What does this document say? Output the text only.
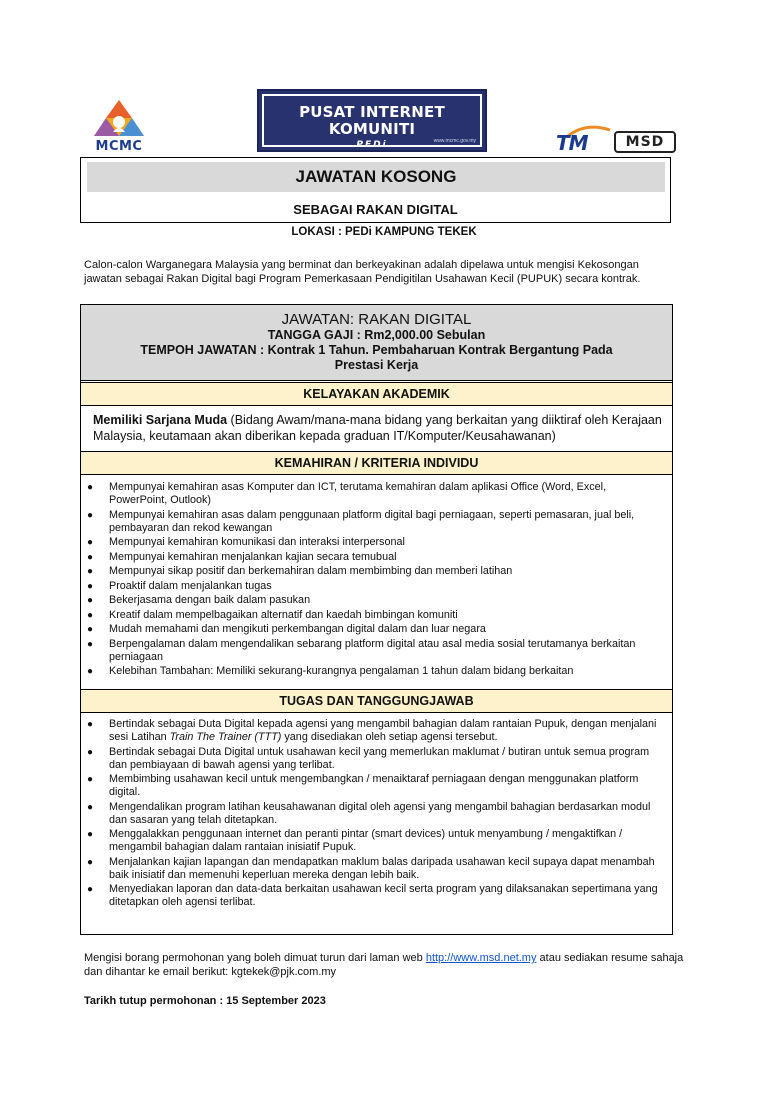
MCMC
PUSAT INTERNET KOMUNITI
PEDi	www.mcmc.gov.my	TM	MSD
JAWATAN KOSONG
SEBAGAI RAKAN DIGITAL
LOKASI : PEDi KAMPUNG TEKEK
Calon-calon Warganegara Malaysia yang berminat dan berkeyakinan adalah dipelawa untuk mengisi Kekosongan jawatan sebagai Rakan Digital bagi Program Pemerkasaan Pendigitilan Usahawan Kecil (PUPUK) secara kontrak.
JAWATAN: RAKAN DIGITAL
TANGGA GAJI : Rm2,000.00 Sebulan
TEMPOH JAWATAN : Kontrak 1 Tahun. Pembaharuan Kontrak Bergantung Pada Prestasi Kerja
KELAYAKAN AKADEMIK
Memiliki Sarjana Muda (Bidang Awam/mana-mana bidang yang berkaitan yang diiktiraf oleh Kerajaan Malaysia, keutamaan akan diberikan kepada graduan IT/Komputer/Keusahawanan)
KEMAHIRAN / KRITERIA INDIVIDU
● Mempunyai kemahiran asas Komputer dan ICT, terutama kemahiran dalam aplikasi Office (Word, Excel, PowerPoint, Outlook)
● Mempunyai kemahiran asas dalam penggunaan platform digital bagi perniagaan, seperti pemasaran, jual beli, pembayaran dan rekod kewangan
● Mempunyai kemahiran komunikasi dan interaksi interpersonal
● Mempunyai kemahiran menjalankan kajian secara temubual
● Mempunyai sikap positif dan berkemahiran dalam membimbing dan memberi latihan
● Proaktif dalam menjalankan tugas
● Bekerjasama dengan baik dalam pasukan
● Kreatif dalam mempelbagaikan alternatif dan kaedah bimbingan komuniti
● Mudah memahami dan mengikuti perkembangan digital dalam dan luar negara
● Berpengalaman dalam mengendalikan sebarang platform digital atau asal media sosial terutamanya berkaitan perniagaan
● Kelebihan Tambahan: Memiliki sekurang-kurangnya pengalaman 1 tahun dalam bidang berkaitan
TUGAS DAN TANGGUNGJAWAB
● Bertindak sebagai Duta Digital kepada agensi yang mengambil bahagian dalam rantaian Pupuk, dengan menjalani sesi Latihan Train The Trainer (TTT) yang disediakan oleh setiap agensi tersebut.
● Bertindak sebagai Duta Digital untuk usahawan kecil yang memerlukan maklumat / butiran untuk semua program dan pembiayaan di bawah agensi yang terlibat.
● Membimbing usahawan kecil untuk mengembangkan / menaiktaraf perniagaan dengan menggunakan platform digital.
● Mengendalikan program latihan keusahawanan digital oleh agensi yang mengambil bahagian berdasarkan modul dan sasaran yang telah ditetapkan.
● Menggalakkan penggunaan internet dan peranti pintar (smart devices) untuk menyambung / mengaktifkan / mengambil bahagian dalam rantaian inisiatif Pupuk.
● Menjalankan kajian lapangan dan mendapatkan maklum balas daripada usahawan kecil supaya dapat menambah baik inisiatif dan memenuhi keperluan mereka dengan lebih baik.
● Menyediakan laporan dan data-data berkaitan usahawan kecil serta program yang dilaksanakan sepertimana yang ditetapkan oleh agensi terlibat.
Mengisi borang permohonan yang boleh dimuat turun dari laman web http://www.msd.net.my atau sediakan resume sahaja dan dihantar ke email berikut: kgtekek@pjk.com.my
Tarikh tutup permohonan : 15 September 2023
